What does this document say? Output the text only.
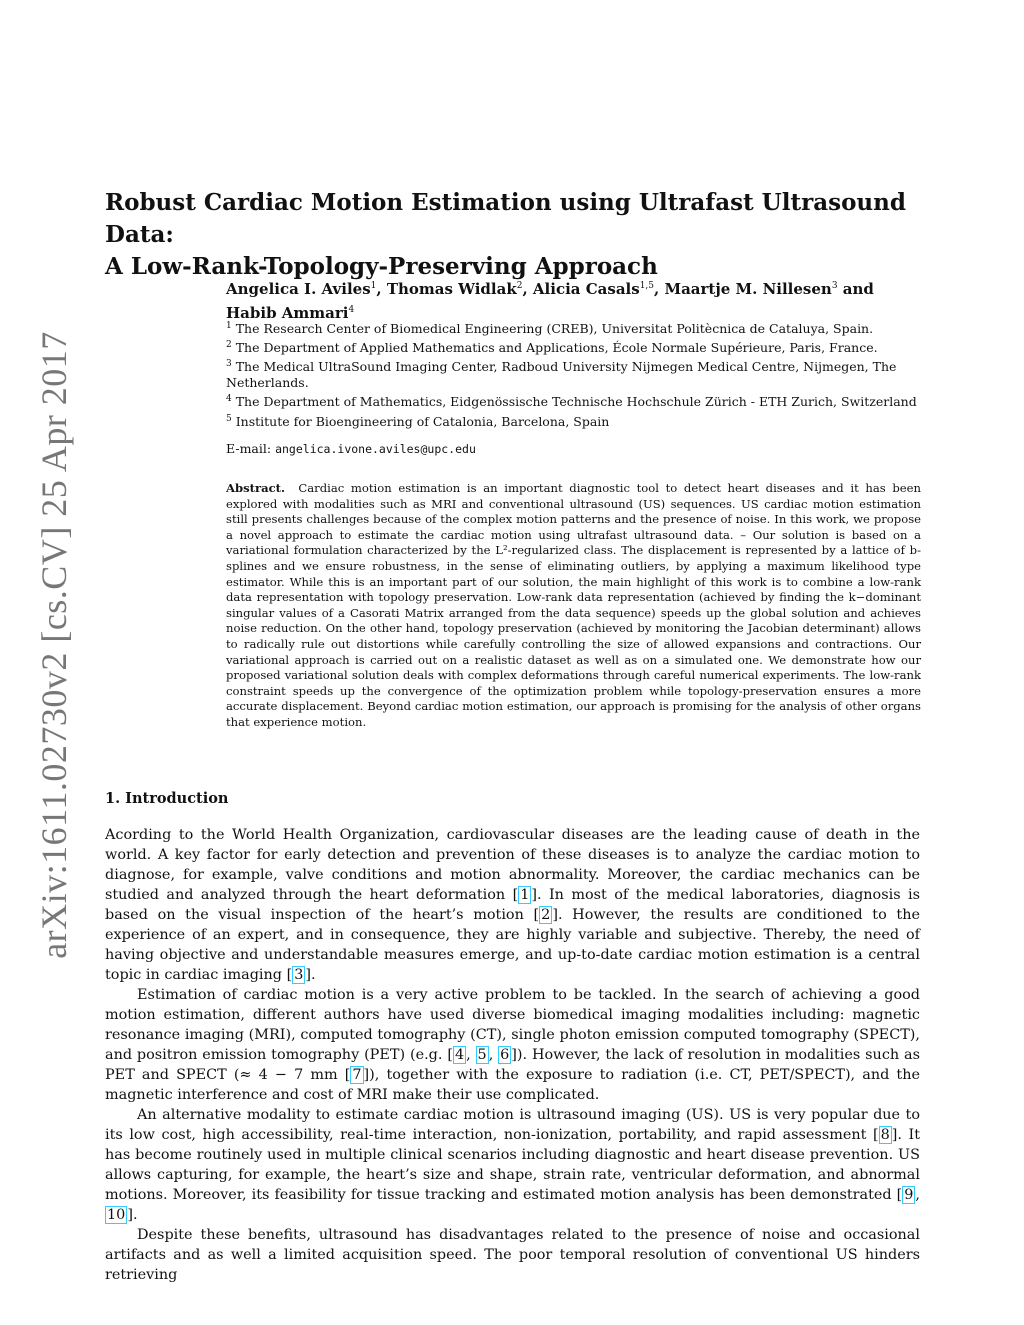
arXiv:1611.02730v2 [cs.CV] 25 Apr 2017
Robust Cardiac Motion Estimation using Ultrafast Ultrasound Data:
A Low-Rank-Topology-Preserving Approach

Angelica I. Aviles$^1$, Thomas Widlak$^2$, Alicia Casals$^{1,5}$, Maartje M. Nillesen$^3$ and Habib Ammari$^4$

$^1$ The Research Center of Biomedical Engineering (CREB), Universitat Politècnica de Cataluya, Spain.

$^2$ The Department of Applied Mathematics and Applications, École Normale Supérieure, Paris, France.

$^3$ The Medical UltraSound Imaging Center, Radboud University Nijmegen Medical Centre, Nijmegen, The Netherlands.

$^4$ The Department of Mathematics, Eidgenössische Technische Hochschule Zürich - ETH Zurich, Switzerland

$^5$ Institute for Bioengineering of Catalonia, Barcelona, Spain

E-mail: angelica.ivone.aviles@upc.edu

Abstract. Cardiac motion estimation is an important diagnostic tool to detect heart diseases and it has been explored with modalities such as MRI and conventional ultrasound (US) sequences. US cardiac motion estimation still presents challenges because of the complex motion patterns and the presence of noise. In this work, we propose a novel approach to estimate the cardiac motion using ultrafast ultrasound data. – Our solution is based on a variational formulation characterized by the L²-regularized class. The displacement is represented by a lattice of b-splines and we ensure robustness, in the sense of eliminating outliers, by applying a maximum likelihood type estimator. While this is an important part of our solution, the main highlight of this work is to combine a low-rank data representation with topology preservation. Low-rank data representation (achieved by finding the k−dominant singular values of a Casorati Matrix arranged from the data sequence) speeds up the global solution and achieves noise reduction. On the other hand, topology preservation (achieved by monitoring the Jacobian determinant) allows to radically rule out distortions while carefully controlling the size of allowed expansions and contractions. Our variational approach is carried out on a realistic dataset as well as on a simulated one. We demonstrate how our proposed variational solution deals with complex deformations through careful numerical experiments. The low-rank constraint speeds up the convergence of the optimization problem while topology-preservation ensures a more accurate displacement. Beyond cardiac motion estimation, our approach is promising for the analysis of other organs that experience motion.

1. Introduction

Acording to the World Health Organization, cardiovascular diseases are the leading cause of death in the world. A key factor for early detection and prevention of these diseases is to analyze the cardiac motion to diagnose, for example, valve conditions and motion abnormality. Moreover, the cardiac mechanics can be studied and analyzed through the heart deformation [ 1 ]. In most of the medical laboratories, diagnosis is based on the visual inspection of the heart’s motion [ 2 ]. However, the results are conditioned to the experience of an expert, and in consequence, they are highly variable and subjective. Thereby, the need of having objective and understandable measures emerge, and up-to-date cardiac motion estimation is a central topic in cardiac imaging [ 3 ].

Estimation of cardiac motion is a very active problem to be tackled. In the search of achieving a good motion estimation, different authors have used diverse biomedical imaging modalities including: magnetic resonance imaging (MRI), computed tomography (CT), single photon emission computed tomography (SPECT), and positron emission tomography (PET) (e.g. [ 4 , 5 , 6 ]). However, the lack of resolution in modalities such as PET and SPECT (≈ 4 − 7 mm [ 7 ]), together with the exposure to radiation (i.e. CT, PET/SPECT), and the magnetic interference and cost of MRI make their use complicated.

An alternative modality to estimate cardiac motion is ultrasound imaging (US). US is very popular due to its low cost, high accessibility, real-time interaction, non-ionization, portability, and rapid assessment [ 8 ]. It has become routinely used in multiple clinical scenarios including diagnostic and heart disease prevention. US allows capturing, for example, the heart’s size and shape, strain rate, ventricular deformation, and abnormal motions. Moreover, its feasibility for tissue tracking and estimated motion analysis has been demonstrated [ 9 , 10 ].

Despite these benefits, ultrasound has disadvantages related to the presence of noise and occasional artifacts and as well a limited acquisition speed. The poor temporal resolution of conventional US hinders retrieving
